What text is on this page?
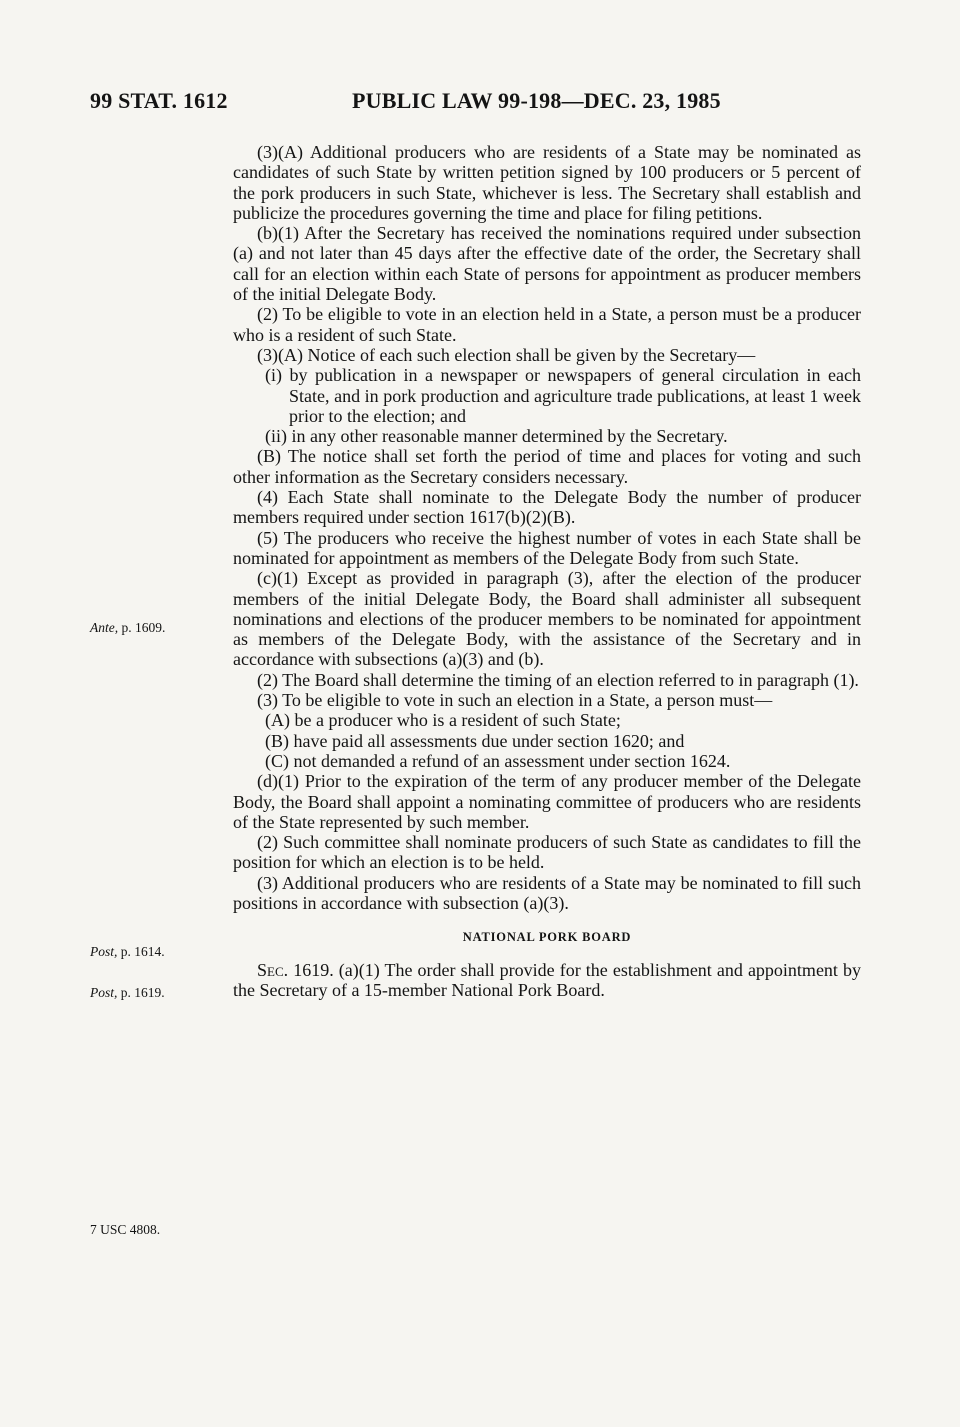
99 STAT. 1612	PUBLIC LAW 99-198—DEC. 23, 1985

(3)(A) Additional producers who are residents of a State may be nominated as candidates of such State by written petition signed by 100 producers or 5 percent of the pork producers in such State, whichever is less. The Secretary shall establish and publicize the procedures governing the time and place for filing petitions.

(b)(1) After the Secretary has received the nominations required under subsection (a) and not later than 45 days after the effective date of the order, the Secretary shall call for an election within each State of persons for appointment as producer members of the initial Delegate Body.

(2) To be eligible to vote in an election held in a State, a person must be a producer who is a resident of such State.

(3)(A) Notice of each such election shall be given by the Secretary—

(i) by publication in a newspaper or newspapers of general circulation in each State, and in pork production and agriculture trade publications, at least 1 week prior to the election; and

(ii) in any other reasonable manner determined by the Secretary.

(B) The notice shall set forth the period of time and places for voting and such other information as the Secretary considers necessary.

(4) Each State shall nominate to the Delegate Body the number of producer members required under section 1617(b)(2)(B).

(5) The producers who receive the highest number of votes in each State shall be nominated for appointment as members of the Delegate Body from such State.

(c)(1) Except as provided in paragraph (3), after the election of the producer members of the initial Delegate Body, the Board shall administer all subsequent nominations and elections of the producer members to be nominated for appointment as members of the Delegate Body, with the assistance of the Secretary and in accordance with subsections (a)(3) and (b).

(2) The Board shall determine the timing of an election referred to in paragraph (1).

(3) To be eligible to vote in such an election in a State, a person must—

(A) be a producer who is a resident of such State;

(B) have paid all assessments due under section 1620; and

(C) not demanded a refund of an assessment under section 1624.

(d)(1) Prior to the expiration of the term of any producer member of the Delegate Body, the Board shall appoint a nominating committee of producers who are residents of the State represented by such member.

(2) Such committee shall nominate producers of such State as candidates to fill the position for which an election is to be held.

(3) Additional producers who are residents of a State may be nominated to fill such positions in accordance with subsection (a)(3).

NATIONAL PORK BOARD

Sec. 1619. (a)(1) The order shall provide for the establishment and appointment by the Secretary of a 15-member National Pork Board.

Ante, p. 1609.
Post, p. 1614.
Post, p. 1619.
7 USC 4808.
